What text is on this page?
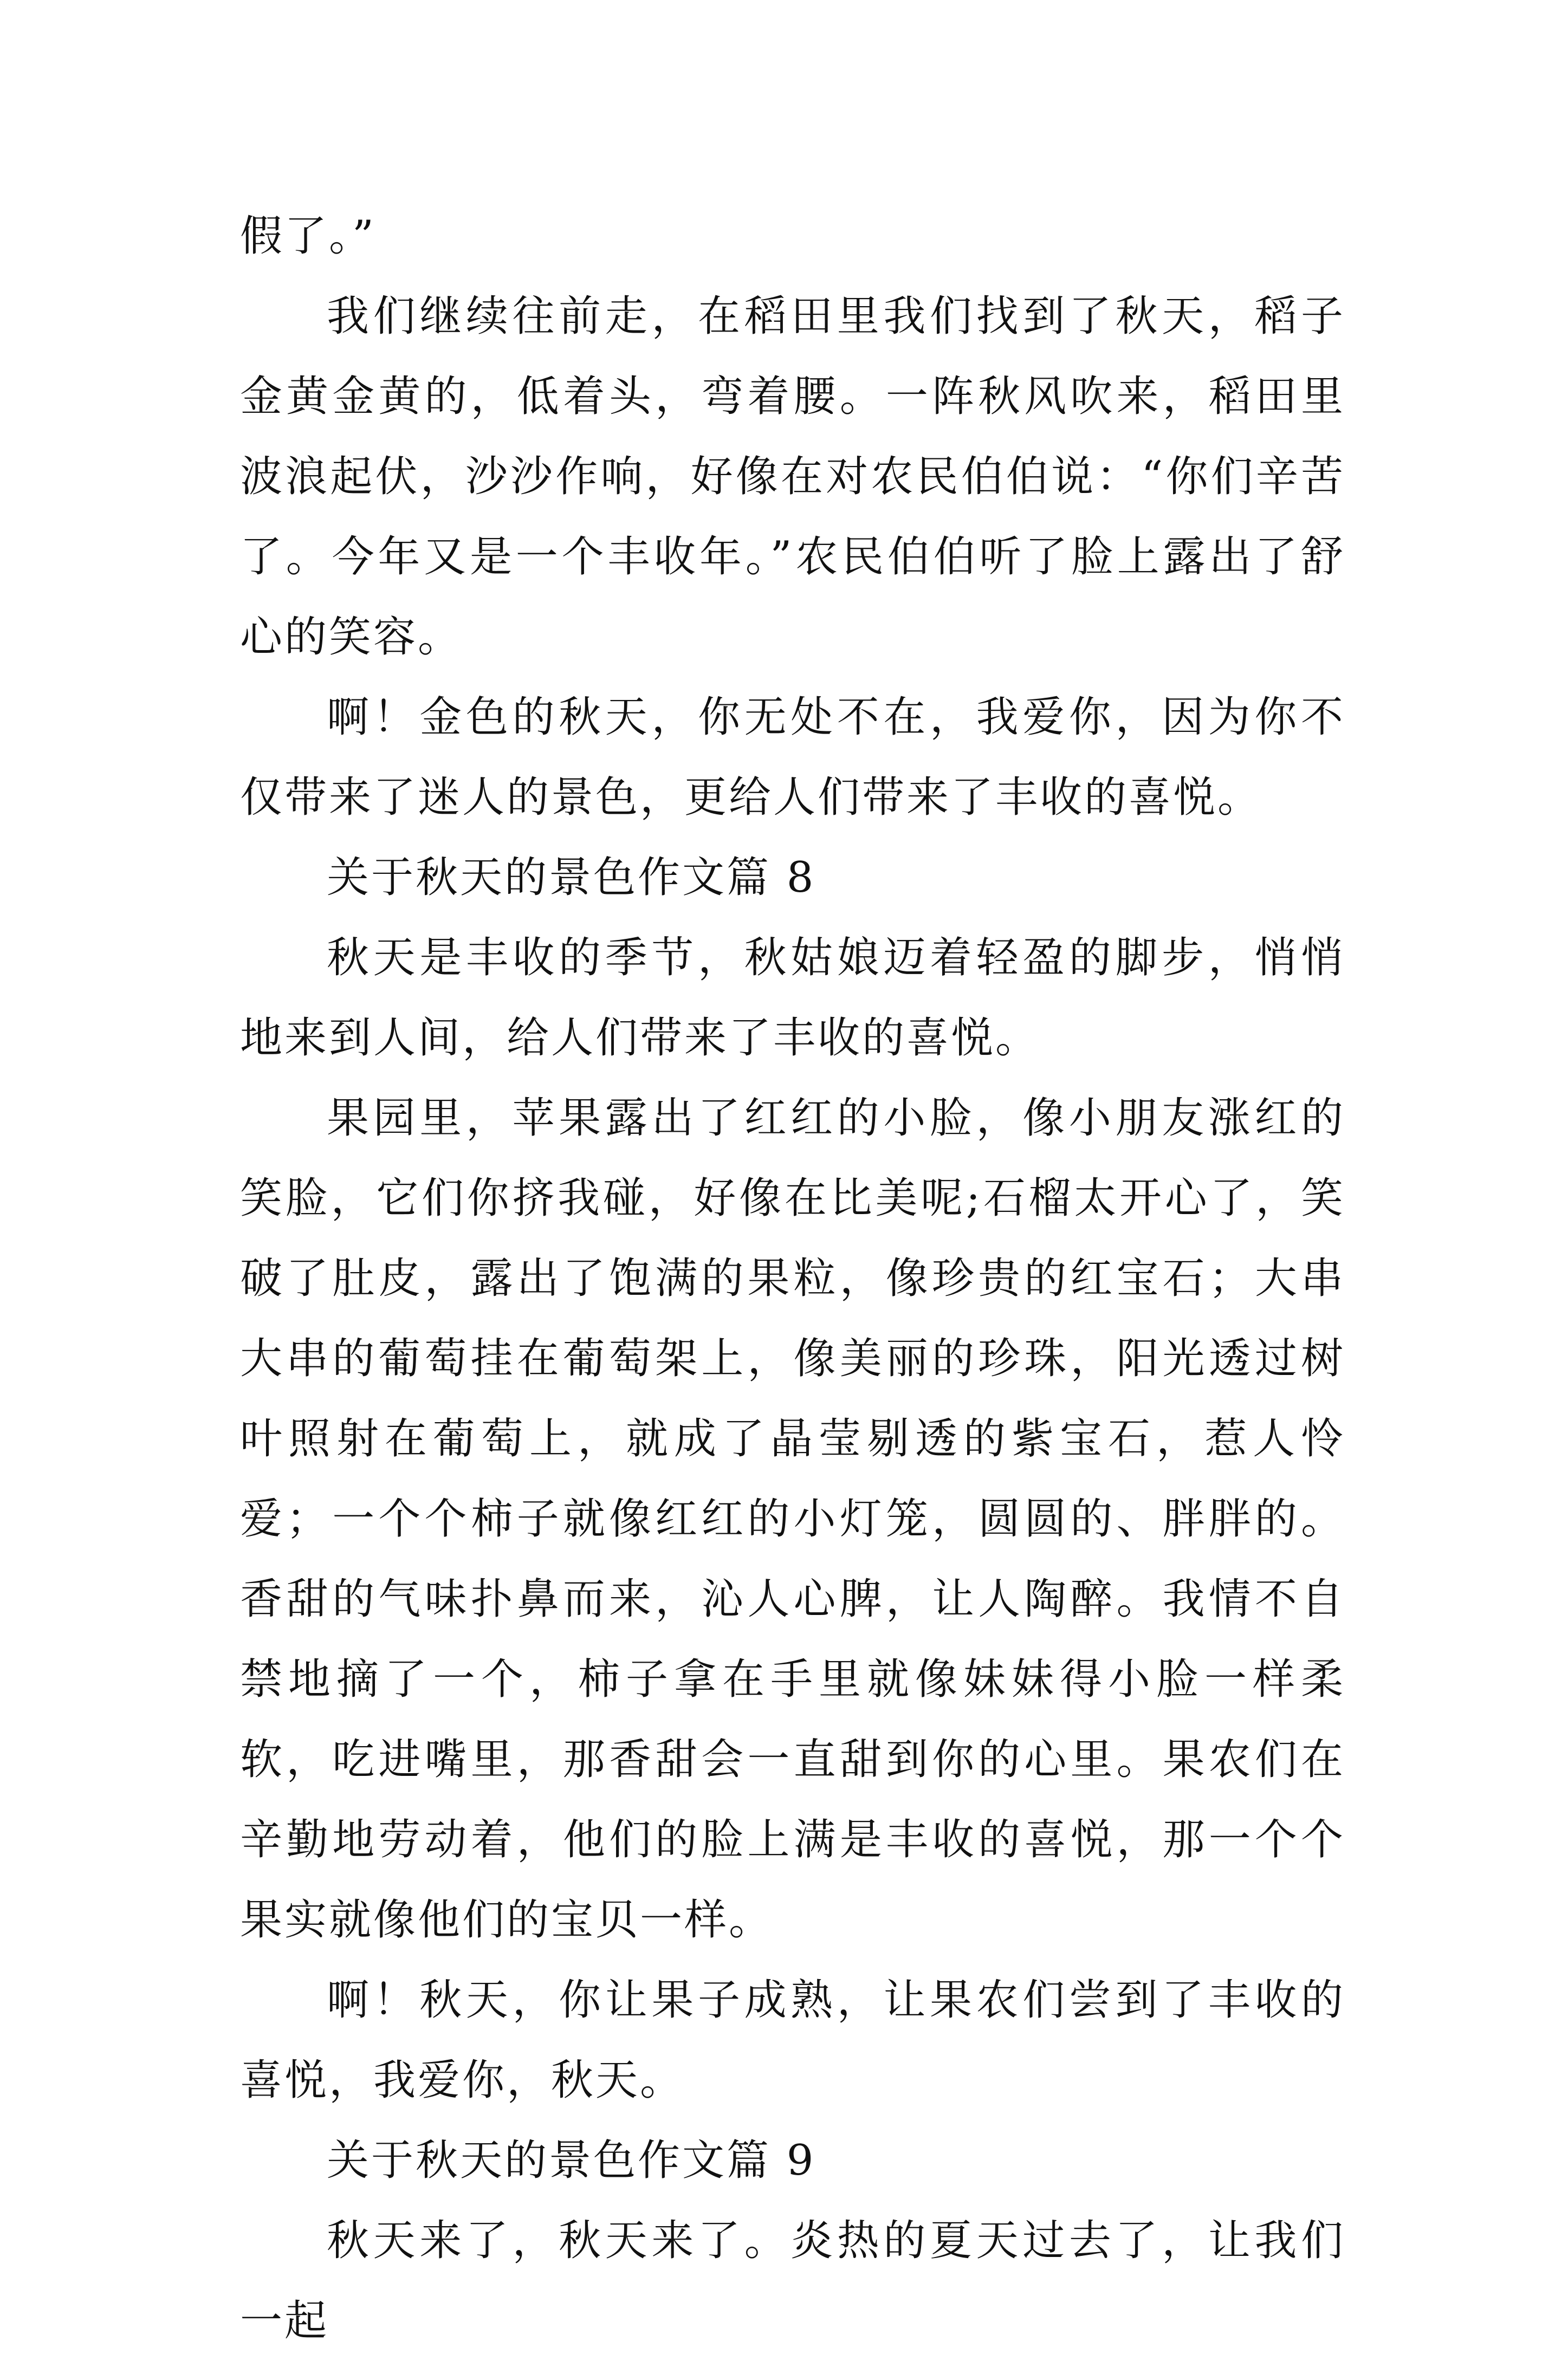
假了。”

我们继续往前走，在稻田里我们找到了秋天，稻子金黄金黄的，低着头，弯着腰。一阵秋风吹来，稻田里波浪起伏，沙沙作响，好像在对农民伯伯说：“你们辛苦了。今年又是一个丰收年。”农民伯伯听了脸上露出了舒心的笑容。

啊！金色的秋天，你无处不在，我爱你，因为你不仅带来了迷人的景色，更给人们带来了丰收的喜悦。

关于秋天的景色作文篇 8

秋天是丰收的季节，秋姑娘迈着轻盈的脚步，悄悄地来到人间，给人们带来了丰收的喜悦。

果园里，苹果露出了红红的小脸，像小朋友涨红的笑脸，它们你挤我碰，好像在比美呢;石榴太开心了，笑破了肚皮，露出了饱满的果粒，像珍贵的红宝石；大串大串的葡萄挂在葡萄架上，像美丽的珍珠，阳光透过树叶照射在葡萄上，就成了晶莹剔透的紫宝石，惹人怜爱；一个个柿子就像红红的小灯笼，圆圆的、胖胖的。香甜的气味扑鼻而来，沁人心脾，让人陶醉。我情不自禁地摘了一个，柿子拿在手里就像妹妹得小脸一样柔软，吃进嘴里，那香甜会一直甜到你的心里。果农们在辛勤地劳动着，他们的脸上满是丰收的喜悦，那一个个果实就像他们的宝贝一样。

啊！秋天，你让果子成熟，让果农们尝到了丰收的喜悦，我爱你，秋天。

关于秋天的景色作文篇 9

秋天来了，秋天来了。炎热的夏天过去了，让我们一起
